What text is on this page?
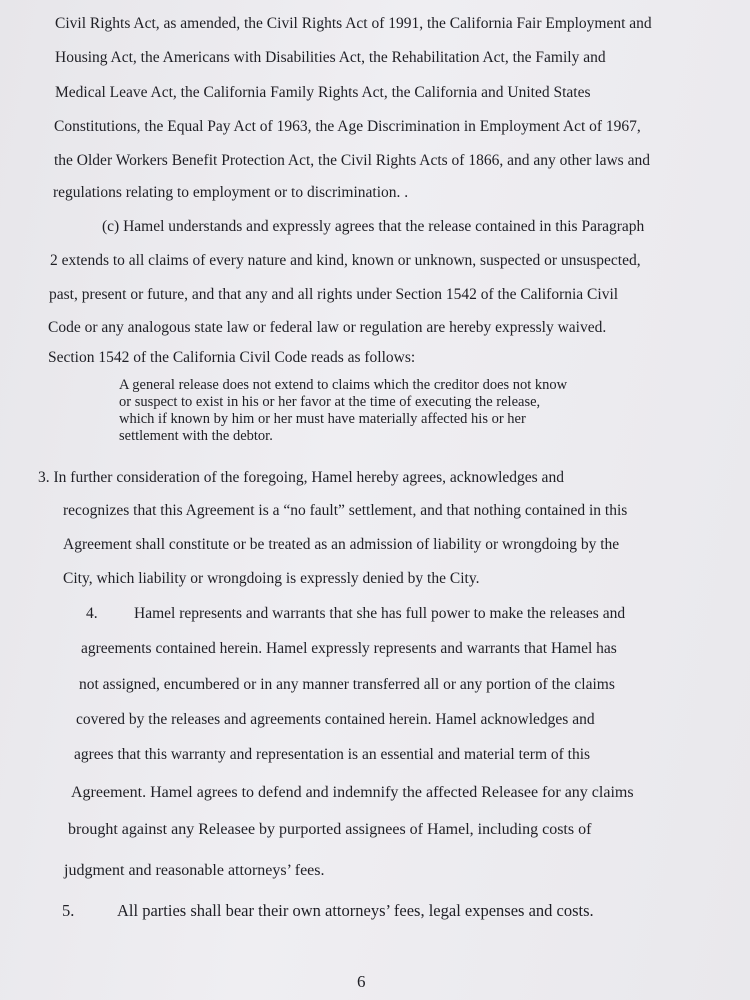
Civil Rights Act, as amended, the Civil Rights Act of 1991, the California Fair Employment and
Housing Act, the Americans with Disabilities Act, the Rehabilitation Act, the Family and
Medical Leave Act, the California Family Rights Act, the California and United States
Constitutions, the Equal Pay Act of 1963, the Age Discrimination in Employment Act of 1967,
the Older Workers Benefit Protection Act, the Civil Rights Acts of 1866, and any other laws and
regulations relating to employment or to discrimination. .
(c) Hamel understands and expressly agrees that the release contained in this Paragraph
2 extends to all claims of every nature and kind, known or unknown, suspected or unsuspected,
past, present or future, and that any and all rights under Section 1542 of the California Civil
Code or any analogous state law or federal law or regulation are hereby expressly waived.
Section 1542 of the California Civil Code reads as follows:
A general release does not extend to claims which the creditor does not know
or suspect to exist in his or her favor at the time of executing the release,
which if known by him or her must have materially affected his or her
settlement with the debtor.
3. In further consideration of the foregoing, Hamel hereby agrees, acknowledges and
recognizes that this Agreement is a “no fault” settlement, and that nothing contained in this
Agreement shall constitute or be treated as an admission of liability or wrongdoing by the
City, which liability or wrongdoing is expressly denied by the City.
4. Hamel represents and warrants that she has full power to make the releases and
agreements contained herein. Hamel expressly represents and warrants that Hamel has
not assigned, encumbered or in any manner transferred all or any portion of the claims
covered by the releases and agreements contained herein. Hamel acknowledges and
agrees that this warranty and representation is an essential and material term of this
Agreement. Hamel agrees to defend and indemnify the affected Releasee for any claims
brought against any Releasee by purported assignees of Hamel, including costs of
judgment and reasonable attorneys’ fees.
5.	All parties shall bear their own attorneys’ fees, legal expenses and costs.
6
